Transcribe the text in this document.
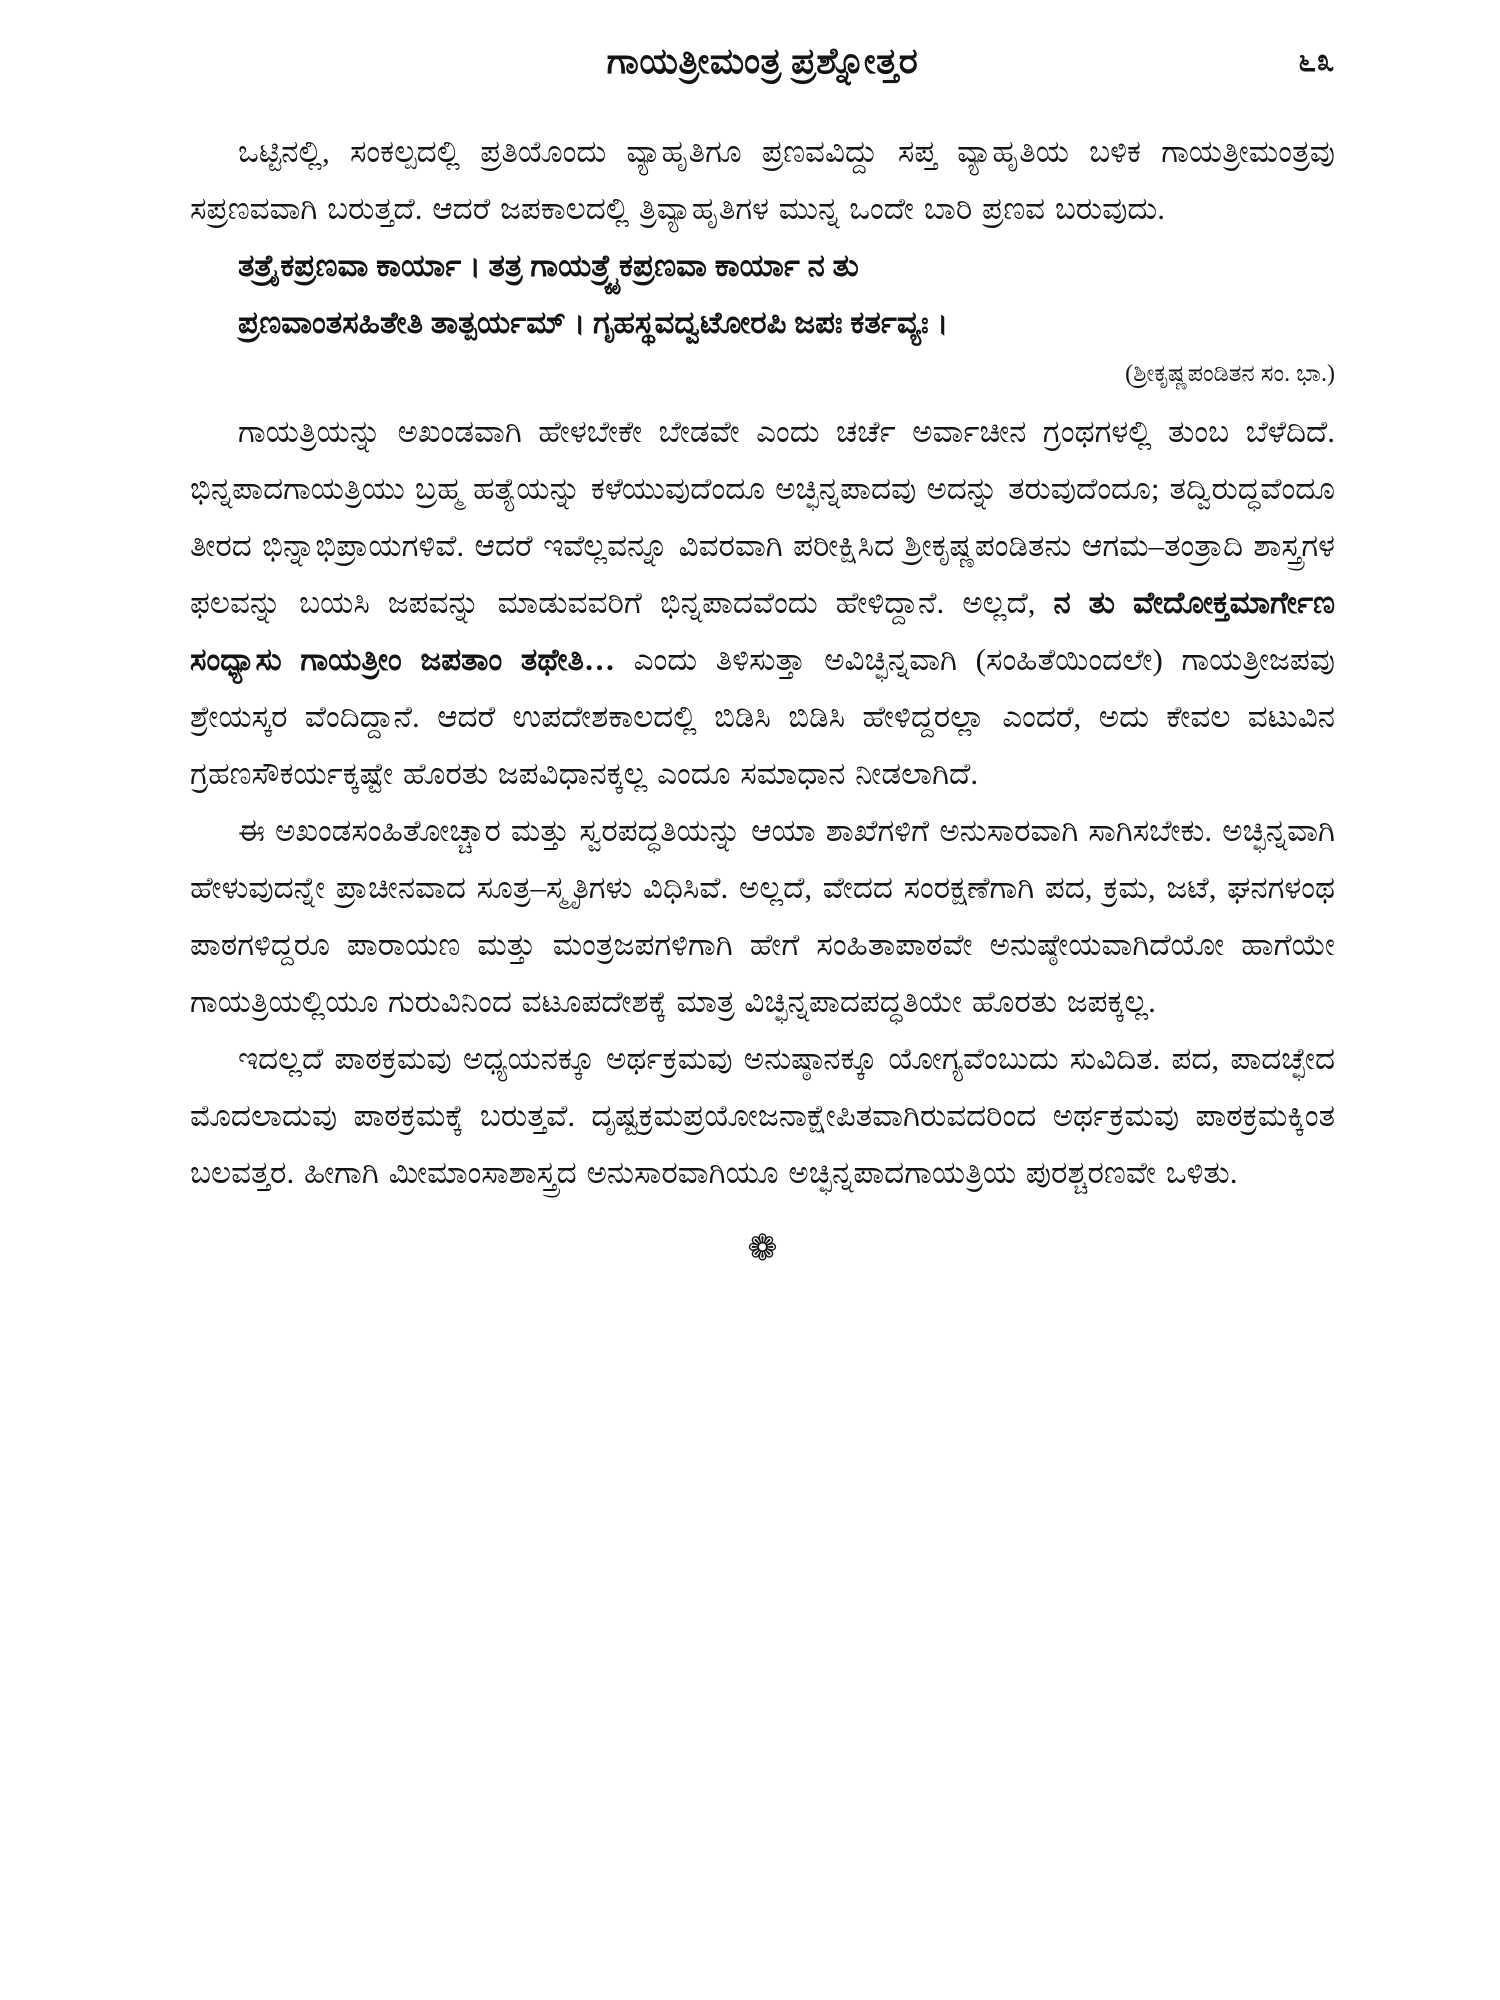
ಗಾಯತ್ರೀಮಂತ್ರ ಪ್ರಶ್ನೋತ್ತರ	೬೩

ಒಟ್ಟಿನಲ್ಲಿ, ಸಂಕಲ್ಪದಲ್ಲಿ ಪ್ರತಿಯೊಂದು ವ್ಯಾಹೃತಿಗೂ ಪ್ರಣವವಿದ್ದು ಸಪ್ತ ವ್ಯಾಹೃತಿಯ ಬಳಿಕ ಗಾಯತ್ರೀಮಂತ್ರವು ಸಪ್ರಣವವಾಗಿ ಬರುತ್ತದೆ. ಆದರೆ ಜಪಕಾಲದಲ್ಲಿ ತ್ರಿವ್ಯಾಹೃತಿಗಳ ಮುನ್ನ ಒಂದೇ ಬಾರಿ ಪ್ರಣವ ಬರುವುದು.

ತತ್ರೈಕಪ್ರಣವಾ ಕಾರ್ಯಾ । ತತ್ರ ಗಾಯತ್ರ್ಯೈಕಪ್ರಣವಾ ಕಾರ್ಯಾ ನ ತು
ಪ್ರಣವಾಂತಸಹಿತೇತಿ ತಾತ್ಪರ್ಯಮ್ । ಗೃಹಸ್ಥವದ್ವಟೋರಪಿ ಜಪಃ ಕರ್ತವ್ಯಃ ।
(ಶ್ರೀಕೃಷ್ಣಪಂಡಿತನ ಸಂ. ಭಾ.)

ಗಾಯತ್ರಿಯನ್ನು ಅಖಂಡವಾಗಿ ಹೇಳಬೇಕೇ ಬೇಡವೇ ಎಂದು ಚರ್ಚೆ ಅರ್ವಾಚೀನ ಗ್ರಂಥಗಳಲ್ಲಿ ತುಂಬ ಬೆಳೆದಿದೆ. ಭಿನ್ನಪಾದಗಾಯತ್ರಿಯು ಬ್ರಹ್ಮ ಹತ್ಯೆಯನ್ನು ಕಳೆಯುವುದೆಂದೂ ಅಚ್ಛಿನ್ನಪಾದವು ಅದನ್ನು ತರುವುದೆಂದೂ; ತದ್ವಿರುದ್ಧವೆಂದೂ ತೀರದ ಭಿನ್ನಾಭಿಪ್ರಾಯಗಳಿವೆ. ಆದರೆ ಇವೆಲ್ಲವನ್ನೂ ವಿವರವಾಗಿ ಪರೀಕ್ಷಿಸಿದ ಶ್ರೀಕೃಷ್ಣಪಂಡಿತನು ಆಗಮ–ತಂತ್ರಾದಿ ಶಾಸ್ತ್ರಗಳ ಫಲವನ್ನು ಬಯಸಿ ಜಪವನ್ನು ಮಾಡುವವರಿಗೆ ಭಿನ್ನಪಾದವೆಂದು ಹೇಳಿದ್ದಾನೆ. ಅಲ್ಲದೆ, ನ ತು ವೇದೋಕ್ತಮಾರ್ಗೇಣ ಸಂಧ್ಯಾಸು ಗಾಯತ್ರೀಂ ಜಪತಾಂ ತಥೇತಿ… ಎಂದು ತಿಳಿಸುತ್ತಾ ಅವಿಚ್ಛಿನ್ನವಾಗಿ (ಸಂಹಿತೆಯಿಂದಲೇ) ಗಾಯತ್ರೀಜಪವು ಶ್ರೇಯಸ್ಕರ ವೆಂದಿದ್ದಾನೆ. ಆದರೆ ಉಪದೇಶಕಾಲದಲ್ಲಿ ಬಿಡಿಸಿ ಬಿಡಿಸಿ ಹೇಳಿದ್ದರಲ್ಲಾ ಎಂದರೆ, ಅದು ಕೇವಲ ವಟುವಿನ ಗ್ರಹಣಸೌಕರ್ಯಕ್ಕಷ್ಟೇ ಹೊರತು ಜಪವಿಧಾನಕ್ಕಲ್ಲ ಎಂದೂ ಸಮಾಧಾನ ನೀಡಲಾಗಿದೆ.

ಈ ಅಖಂಡಸಂಹಿತೋಚ್ಚಾರ ಮತ್ತು ಸ್ವರಪದ್ಧತಿಯನ್ನು ಆಯಾ ಶಾಖೆಗಳಿಗೆ ಅನುಸಾರವಾಗಿ ಸಾಗಿಸಬೇಕು. ಅಚ್ಛಿನ್ನವಾಗಿ ಹೇಳುವುದನ್ನೇ ಪ್ರಾಚೀನವಾದ ಸೂತ್ರ–ಸ್ಮೃತಿಗಳು ವಿಧಿಸಿವೆ. ಅಲ್ಲದೆ, ವೇದದ ಸಂರಕ್ಷಣೆಗಾಗಿ ಪದ, ಕ್ರಮ, ಜಟೆ, ಘನಗಳಂಥ ಪಾಠಗಳಿದ್ದರೂ ಪಾರಾಯಣ ಮತ್ತು ಮಂತ್ರಜಪಗಳಿಗಾಗಿ ಹೇಗೆ ಸಂಹಿತಾಪಾಠವೇ ಅನುಷ್ಠೇಯವಾಗಿದೆಯೋ ಹಾಗೆಯೇ ಗಾಯತ್ರಿಯಲ್ಲಿಯೂ ಗುರುವಿನಿಂದ ವಟೂಪದೇಶಕ್ಕೆ ಮಾತ್ರ ವಿಚ್ಛಿನ್ನಪಾದಪದ್ಧತಿಯೇ ಹೊರತು ಜಪಕ್ಕಲ್ಲ.

ಇದಲ್ಲದೆ ಪಾಠಕ್ರಮವು ಅಧ್ಯಯನಕ್ಕೂ ಅರ್ಥಕ್ರಮವು ಅನುಷ್ಠಾನಕ್ಕೂ ಯೋಗ್ಯವೆಂಬುದು ಸುವಿದಿತ. ಪದ, ಪಾದಚ್ಛೇದ ಮೊದಲಾದುವು ಪಾಠಕ್ರಮಕ್ಕೆ ಬರುತ್ತವೆ. ದೃಷ್ಟಕ್ರಮಪ್ರಯೋಜನಾಕ್ಷೇಪಿತವಾಗಿರುವದರಿಂದ ಅರ್ಥಕ್ರಮವು ಪಾಠಕ್ರಮಕ್ಕಿಂತ ಬಲವತ್ತರ. ಹೀಗಾಗಿ ಮೀಮಾಂಸಾಶಾಸ್ತ್ರದ ಅನುಸಾರವಾಗಿಯೂ ಅಚ್ಛಿನ್ನಪಾದಗಾಯತ್ರಿಯ ಪುರಶ್ಚರಣವೇ ಒಳಿತು.

❁
